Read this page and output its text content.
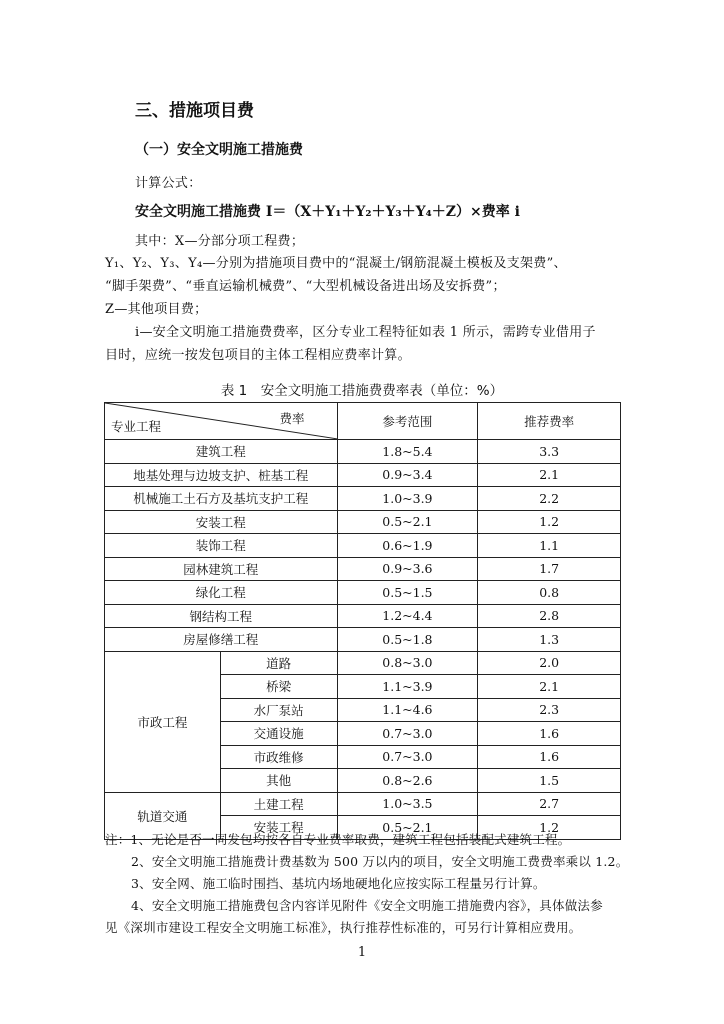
三、措施项目费
（一）安全文明施工措施费
计算公式：
安全文明施工措施费 I＝（X＋Y₁＋Y₂＋Y₃＋Y₄＋Z）×费率 i
其中：X—分部分项工程费；
Y₁、Y₂、Y₃、Y₄—分别为措施项目费中的“混凝土/钢筋混凝土模板及支架费”、
“脚手架费”、“垂直运输机械费”、“大型机械设备进出场及安拆费”；
Z—其他项目费；
i—安全文明施工措施费费率，区分专业工程特征如表 1 所示，需跨专业借用子
目时，应统一按发包项目的主体工程相应费率计算。
表 1　安全文明施工措施费费率表（单位：%）
专业工程
费率		参考范围	推荐费率
建筑工程		1.8~5.4	3.3
地基处理与边坡支护、桩基工程		0.9~3.4	2.1
机械施工土石方及基坑支护工程		1.0~3.9	2.2
安装工程		0.5~2.1	1.2
装饰工程		0.6~1.9	1.1
园林建筑工程		0.9~3.6	1.7
绿化工程		0.5~1.5	0.8
钢结构工程		1.2~4.4	2.8
房屋修缮工程		0.5~1.8	1.3
市政工程	道路	0.8~3.0	2.0
	桥梁	1.1~3.9	2.1
	水厂泵站	1.1~4.6	2.3
	交通设施	0.7~3.0	1.6
	市政维修	0.7~3.0	1.6
	其他	0.8~2.6	1.5
轨道交通	土建工程	1.0~3.5	2.7
	安装工程	0.5~2.1	1.2
注：1、无论是否一同发包均按各自专业费率取费，建筑工程包括装配式建筑工程。
2、安全文明施工措施费计费基数为 500 万以内的项目，安全文明施工费费率乘以 1.2。
3、安全网、施工临时围挡、基坑内场地硬地化应按实际工程量另行计算。
1
4、安全文明施工措施费包含内容详见附件《安全文明施工措施费内容》，具体做法参
见《深圳市建设工程安全文明施工标准》，执行推荐性标准的，可另行计算相应费用。
